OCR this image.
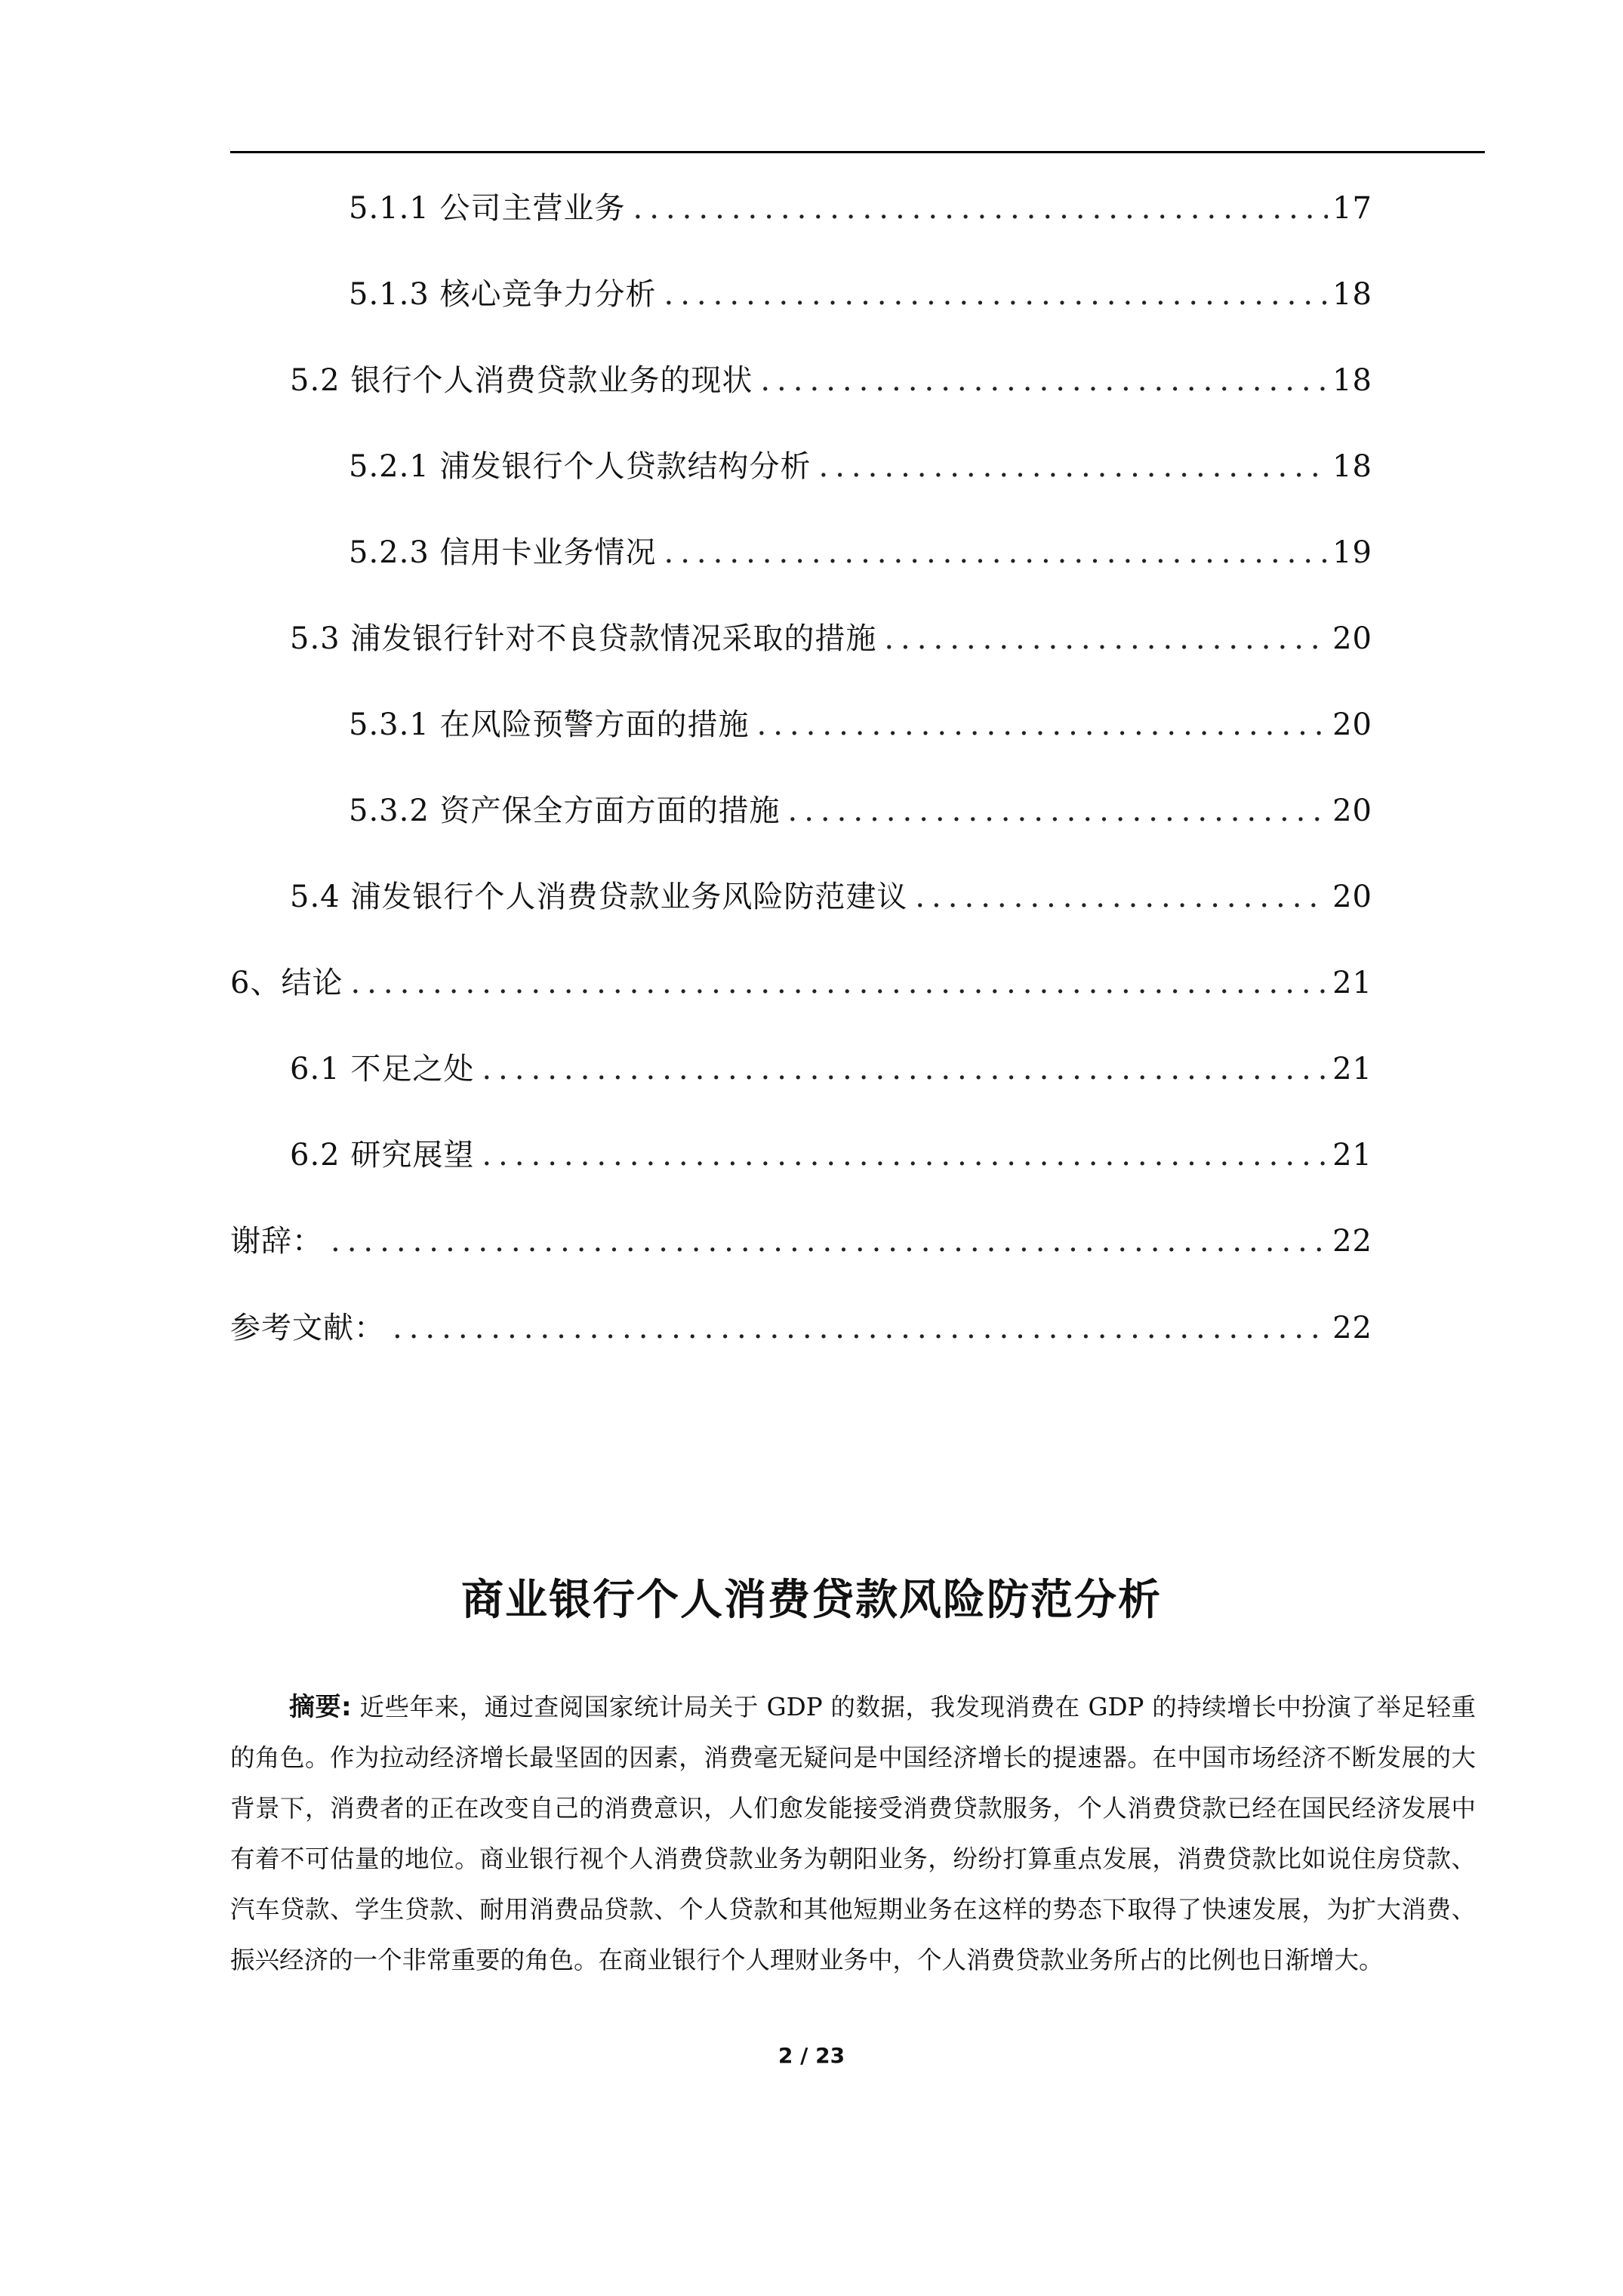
5.1.1 公司主营业务 .....	17
5.1.3 核心竞争力分析 .....	18
5.2 银行个人消费贷款业务的现状 .....	18
5.2.1 浦发银行个人贷款结构分析 .....	18
5.2.3 信用卡业务情况 .....	19
5.3 浦发银行针对不良贷款情况采取的措施 .....	20
5.3.1 在风险预警方面的措施 .....	20
5.3.2 资产保全方面方面的措施 .....	20
5.4 浦发银行个人消费贷款业务风险防范建议 .....	20
6、结论 .....	21
6.1 不足之处 .....	21
6.2 研究展望 .....	21
谢辞： .....	22
参考文献： .....	22
商业银行个人消费贷款风险防范分析
摘要: 近些年来，通过查阅国家统计局关于 GDP 的数据，我发现消费在 GDP 的持续增长中扮演了举足轻重的角色。作为拉动经济增长最坚固的因素，消费毫无疑问是中国经济增长的提速器。在中国市场经济不断发展的大背景下，消费者的正在改变自己的消费意识，人们愈发能接受消费贷款服务，个人消费贷款已经在国民经济发展中有着不可估量的地位。商业银行视个人消费贷款业务为朝阳业务，纷纷打算重点发展，消费贷款比如说住房贷款、汽车贷款、学生贷款、耐用消费品贷款、个人贷款和其他短期业务在这样的势态下取得了快速发展，为扩大消费、振兴经济的一个非常重要的角色。在商业银行个人理财业务中，个人消费贷款业务所占的比例也日渐增大。
2 / 23
